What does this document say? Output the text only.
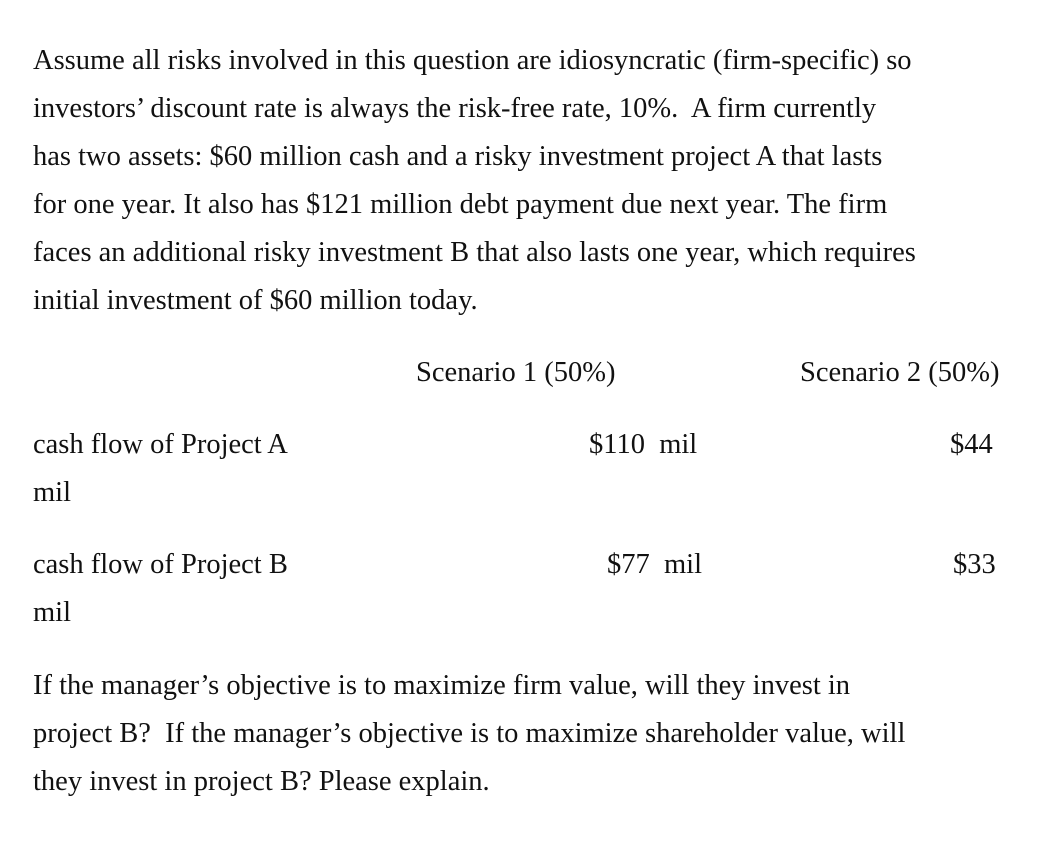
Assume all risks involved in this question are idiosyncratic (firm-specific) so
investors’ discount rate is always the risk-free rate, 10%.  A firm currently
has two assets: $60 million cash and a risky investment project A that lasts
for one year. It also has $121 million debt payment due next year. The firm
faces an additional risky investment B that also lasts one year, which requires
initial investment of $60 million today.
Scenario 1 (50%)	Scenario 2 (50%)
cash flow of Project A	$110  mil	$44
mil
cash flow of Project B	$77  mil	$33
mil
If the manager’s objective is to maximize firm value, will they invest in
project B?  If the manager’s objective is to maximize shareholder value, will
they invest in project B? Please explain.
